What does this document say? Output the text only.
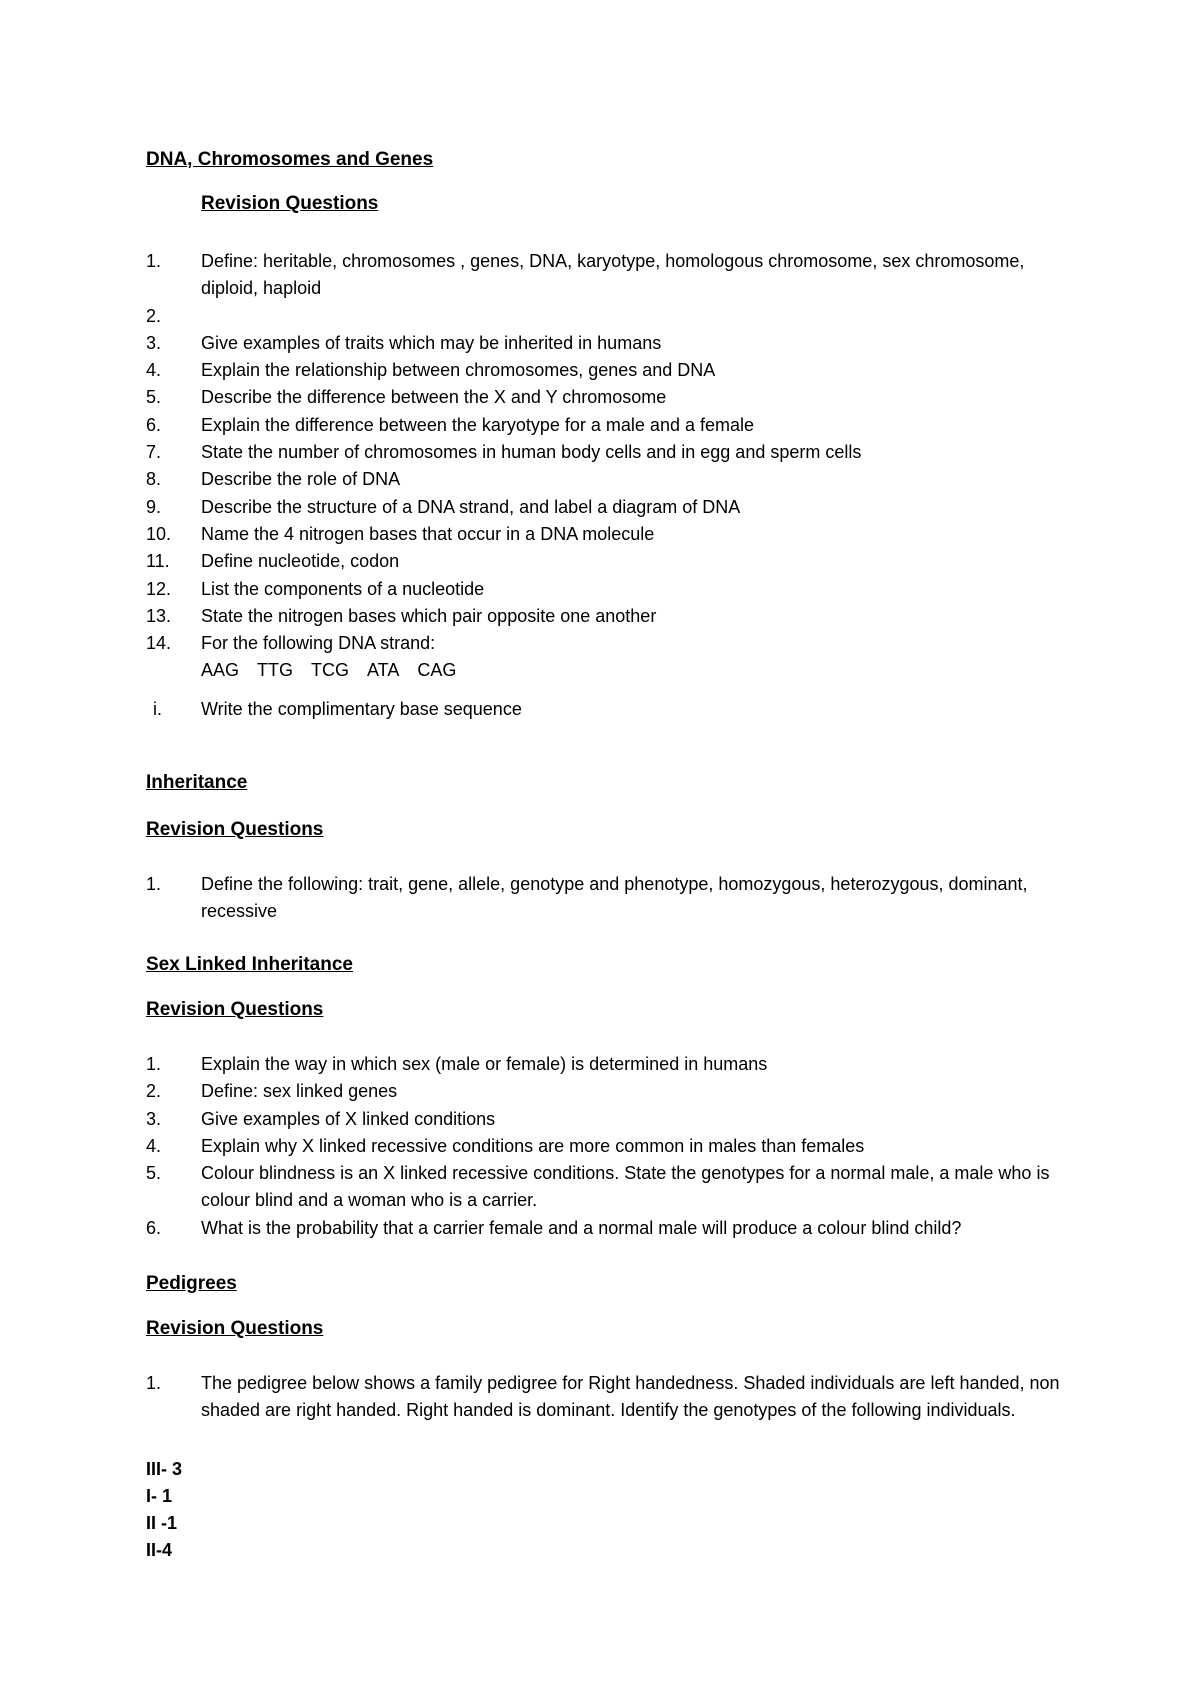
DNA, Chromosomes and Genes
Revision Questions
1.	Define: heritable, chromosomes , genes, DNA, karyotype, homologous chromosome, sex chromosome, diploid, haploid
2.

3.	Give examples of traits which may be inherited in humans
4.	Explain the relationship between chromosomes, genes and DNA
5.	Describe the difference between the X and Y chromosome
6.	Explain the difference between the karyotype for a male and a female
7.	State the number of chromosomes in human body cells and in egg and sperm cells
8.	Describe the role of DNA
9.	Describe the structure of a DNA strand, and label a diagram of DNA
10.	Name the 4 nitrogen bases that occur in a DNA molecule
11.	Define nucleotide, codon
12.	List the components of a nucleotide
13.	State the nitrogen bases which pair opposite one another
14.	For the following DNA strand:
AAG TTG TCG ATA CAG
i. Write the complimentary base sequence
Inheritance
Revision Questions
1.	Define the following: trait, gene, allele, genotype and phenotype, homozygous, heterozygous, dominant, recessive
Sex Linked Inheritance
Revision Questions
1.	Explain the way in which sex (male or female) is determined in humans
2.	Define: sex linked genes
3.	Give examples of X linked conditions
4.	Explain why X linked recessive conditions are more common in males than females
5.	Colour blindness is an X linked recessive conditions. State the genotypes for a normal male, a male who is colour blind and a woman who is a carrier.
6.	What is the probability that a carrier female and a normal male will produce a colour blind child?
Pedigrees
Revision Questions
1.	The pedigree below shows a family pedigree for Right handedness. Shaded individuals are left handed, non shaded are right handed. Right handed is dominant. Identify the genotypes of the following individuals.
III- 3
I- 1
II -1
II-4
